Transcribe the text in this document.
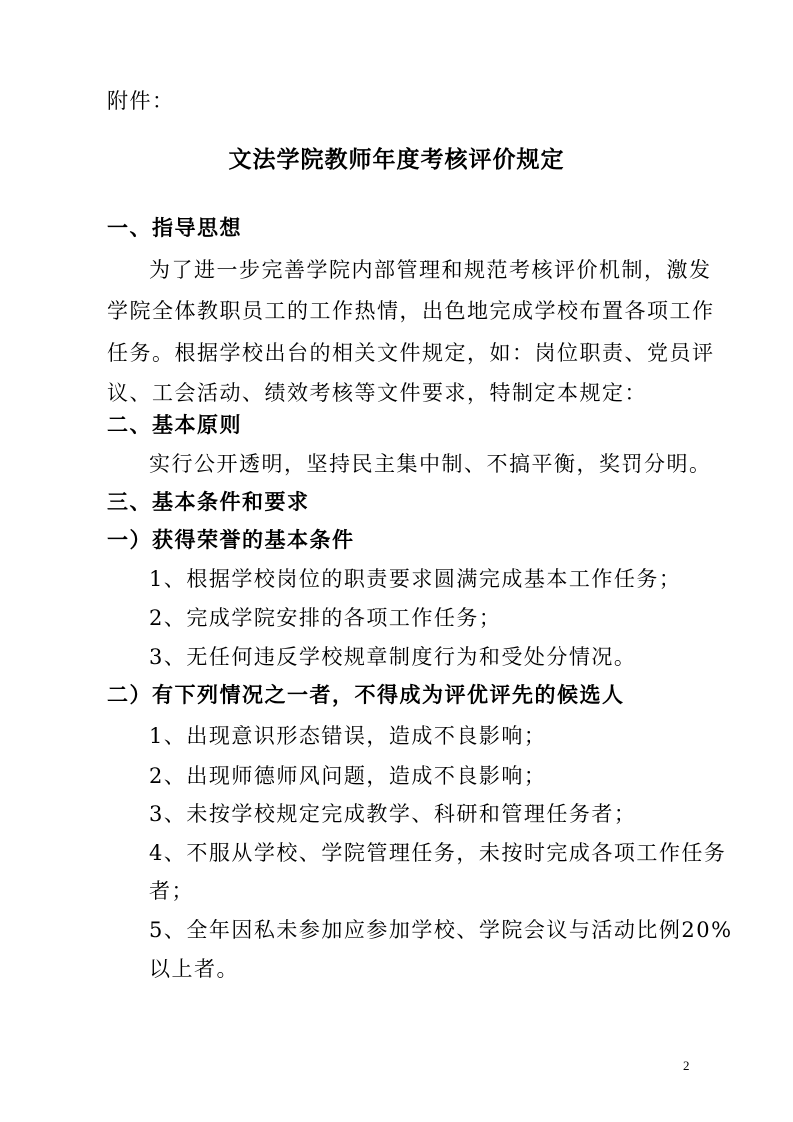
附件：
文法学院教师年度考核评价规定
一、指导思想
为了进一步完善学院内部管理和规范考核评价机制，激发
学院全体教职员工的工作热情，出色地完成学校布置各项工作
任务。根据学校出台的相关文件规定，如：岗位职责、党员评
议、工会活动、绩效考核等文件要求，特制定本规定：
二、基本原则
实行公开透明，坚持民主集中制、不搞平衡，奖罚分明。
三、基本条件和要求
一）获得荣誉的基本条件
1、根据学校岗位的职责要求圆满完成基本工作任务；
2、完成学院安排的各项工作任务；
3、无任何违反学校规章制度行为和受处分情况。
二）有下列情况之一者，不得成为评优评先的候选人
1、出现意识形态错误，造成不良影响；
2、出现师德师风问题，造成不良影响；
3、未按学校规定完成教学、科研和管理任务者；
4、不服从学校、学院管理任务，未按时完成各项工作任务
者；
5、全年因私未参加应参加学校、学院会议与活动比例20%
以上者。
2
